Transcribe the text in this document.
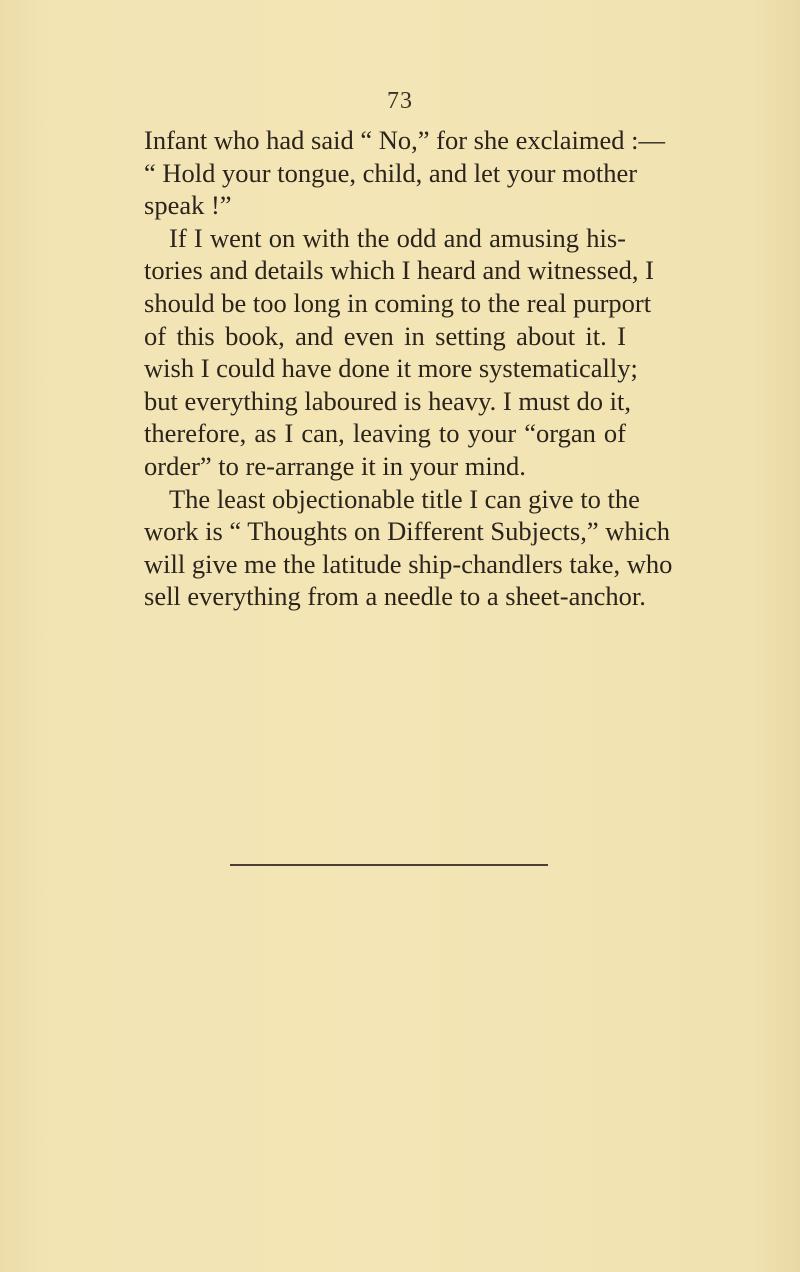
73
Infant who had said “ No,” for she exclaimed :—
“ Hold your tongue, child, and let your mother
speak !”
If I went on with the odd and amusing his-
tories and details which I heard and witnessed, I
should be too long in coming to the real purport
of this book, and even in setting about it. I
wish I could have done it more systematically;
but everything laboured is heavy. I must do it,
therefore, as I can, leaving to your “organ of
order” to re-arrange it in your mind.
The least objectionable title I can give to the
work is “ Thoughts on Different Subjects,” which
will give me the latitude ship-chandlers take, who
sell everything from a needle to a sheet-anchor.
